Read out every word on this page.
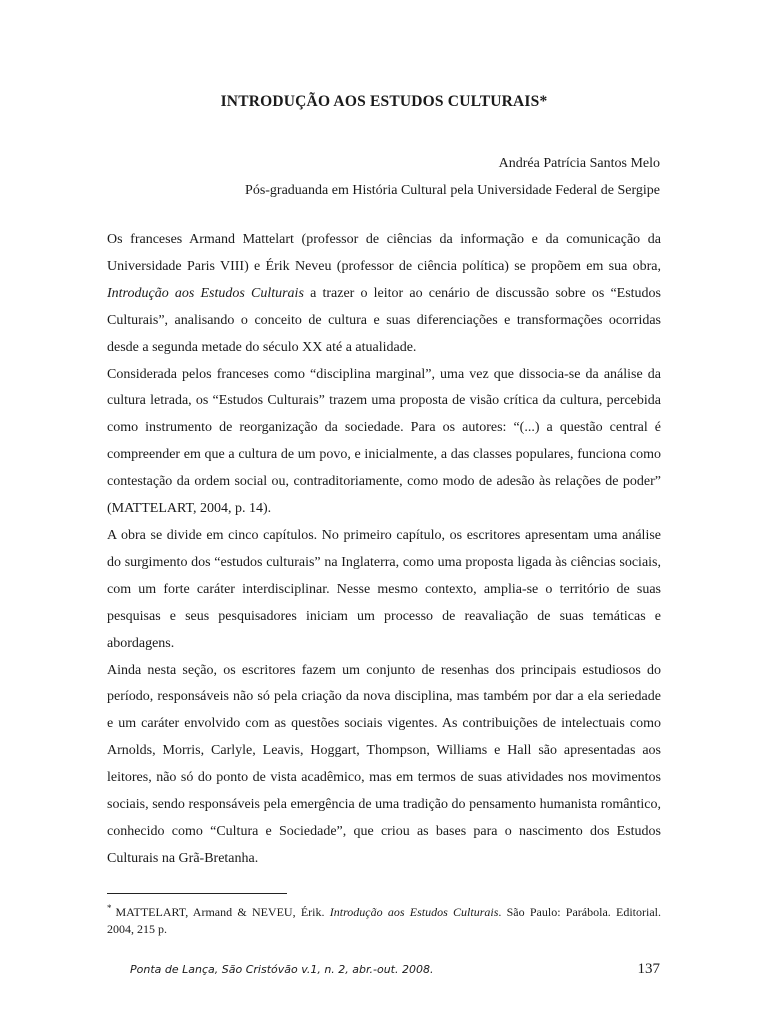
INTRODUÇÃO AOS ESTUDOS CULTURAIS*
Andréa Patrícia Santos Melo
Pós-graduanda em História Cultural pela Universidade Federal de Sergipe

Os franceses Armand Mattelart (professor de ciências da informação e da comunicação da Universidade Paris VIII) e Érik Neveu (professor de ciência política) se propõem em sua obra, Introdução aos Estudos Culturais a trazer o leitor ao cenário de discussão sobre os “Estudos Culturais”, analisando o conceito de cultura e suas diferenciações e transformações ocorridas desde a segunda metade do século XX até a atualidade.

Considerada pelos franceses como “disciplina marginal”, uma vez que dissocia-se da análise da cultura letrada, os “Estudos Culturais” trazem uma proposta de visão crítica da cultura, percebida como instrumento de reorganização da sociedade. Para os autores: “(...) a questão central é compreender em que a cultura de um povo, e inicialmente, a das classes populares, funciona como contestação da ordem social ou, contraditoriamente, como modo de adesão às relações de poder” (MATTELART, 2004, p. 14).

A obra se divide em cinco capítulos. No primeiro capítulo, os escritores apresentam uma análise do surgimento dos “estudos culturais” na Inglaterra, como uma proposta ligada às ciências sociais, com um forte caráter interdisciplinar. Nesse mesmo contexto, amplia-se o território de suas pesquisas e seus pesquisadores iniciam um processo de reavaliação de suas temáticas e abordagens.

Ainda nesta seção, os escritores fazem um conjunto de resenhas dos principais estudiosos do período, responsáveis não só pela criação da nova disciplina, mas também por dar a ela seriedade e um caráter envolvido com as questões sociais vigentes. As contribuições de intelectuais como Arnolds, Morris, Carlyle, Leavis, Hoggart, Thompson, Williams e Hall são apresentadas aos leitores, não só do ponto de vista acadêmico, mas em termos de suas atividades nos movimentos sociais, sendo responsáveis pela emergência de uma tradição do pensamento humanista romântico, conhecido como “Cultura e Sociedade”, que criou as bases para o nascimento dos Estudos Culturais na Grã-Bretanha.

* MATTELART, Armand & NEVEU, Érik. Introdução aos Estudos Culturais. São Paulo: Parábola. Editorial. 2004, 215 p.
Ponta de Lança, São Cristóvão v.1, n. 2, abr.-out. 2008.	137
